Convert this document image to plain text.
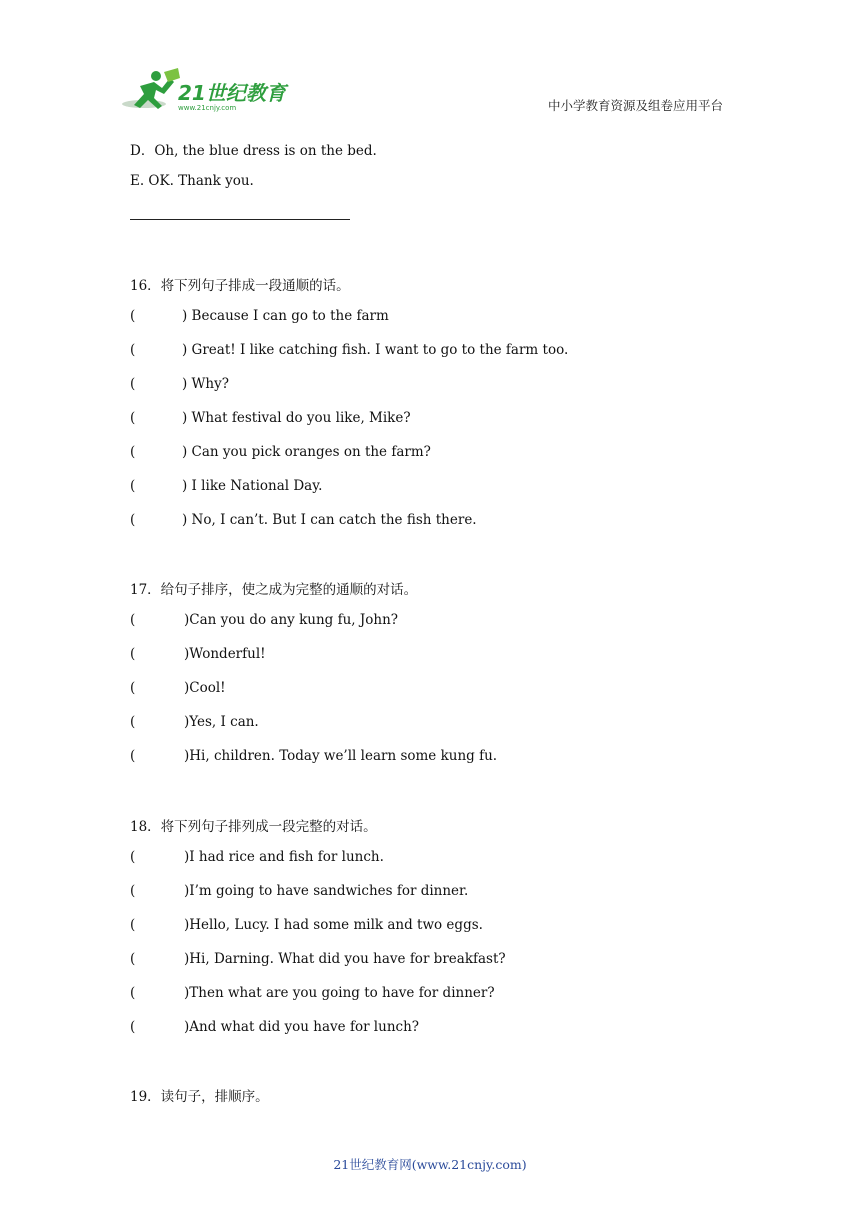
21世纪教育
www.21cnjy.com	中小学教育资源及组卷应用平台
D．Oh, the blue dress is on the bed.
E. OK. Thank you.
16．将下列句子排成一段通顺的话。
(	) Because I can go to the farm
(	) Great! I like catching fish. I want to go to the farm too.
(	) Why?
(	) What festival do you like, Mike?
(	) Can you pick oranges on the farm?
(	) I like National Day.
(	) No, I can’t. But I can catch the fish there.
17．给句子排序，使之成为完整的通顺的对话。
(	)Can you do any kung fu, John?
(	)Wonderful!
(	)Cool!
(	)Yes, I can.
(	)Hi, children. Today we’ll learn some kung fu.
18．将下列句子排列成一段完整的对话。
(	)I had rice and fish for lunch.
(	)I’m going to have sandwiches for dinner.
(	)Hello, Lucy. I had some milk and two eggs.
(	)Hi, Darning. What did you have for breakfast?
(	)Then what are you going to have for dinner?
(	)And what did you have for lunch?
19．读句子，排顺序。
21世纪教育网(www.21cnjy.com)
